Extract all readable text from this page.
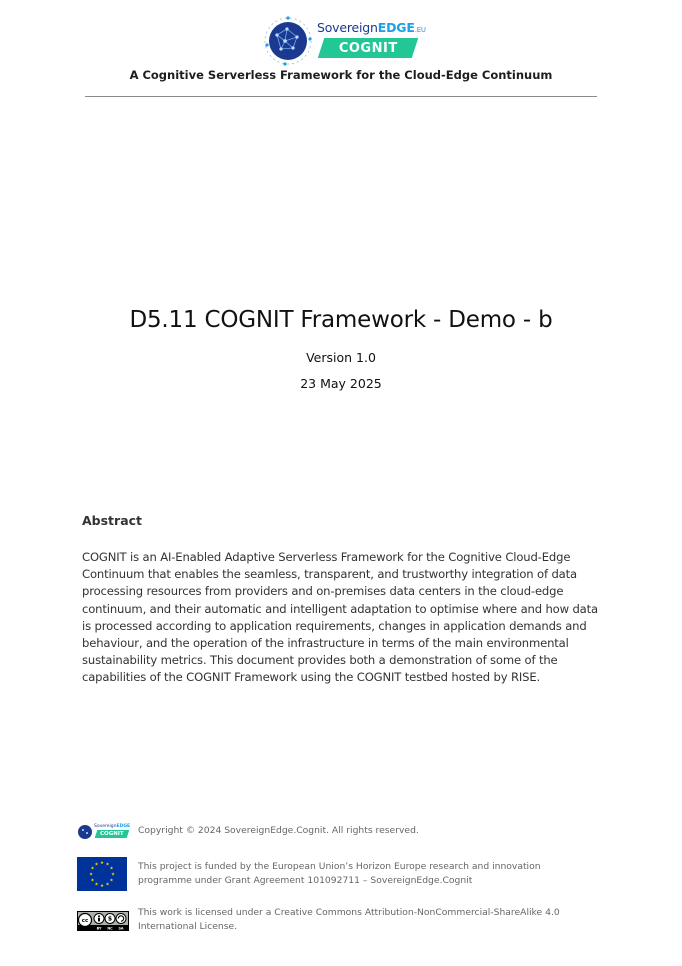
SovereignEDGE.EU
COGNIT
A Cognitive Serverless Framework for the Cloud-Edge Continuum
D5.11 COGNIT Framework - Demo - b
Version 1.0
23 May 2025
Abstract
COGNIT is an AI-Enabled Adaptive Serverless Framework for the Cognitive Cloud-Edge Continuum that enables the seamless, transparent, and trustworthy integration of data processing resources from providers and on-premises data centers in the cloud-edge continuum, and their automatic and intelligent adaptation to optimise where and how data is processed according to application requirements, changes in application demands and behaviour, and the operation of the infrastructure in terms of the main environmental sustainability metrics. This document provides both a demonstration of some of the capabilities of the COGNIT Framework using the COGNIT testbed hosted by RISE.
SovereignEDGE
COGNIT	Copyright © 2024 SovereignEdge.Cognit. All rights reserved.
★ ★
★
★
★
★
★
★
★
★
★
★	This project is funded by the European Union’s Horizon Europe research and innovation programme under Grant Agreement 101092711 – SovereignEdge.Cognit
cc	$
BY NC SA
This work is licensed under a Creative Commons Attribution-NonCommercial-ShareAlike 4.0 International License.
